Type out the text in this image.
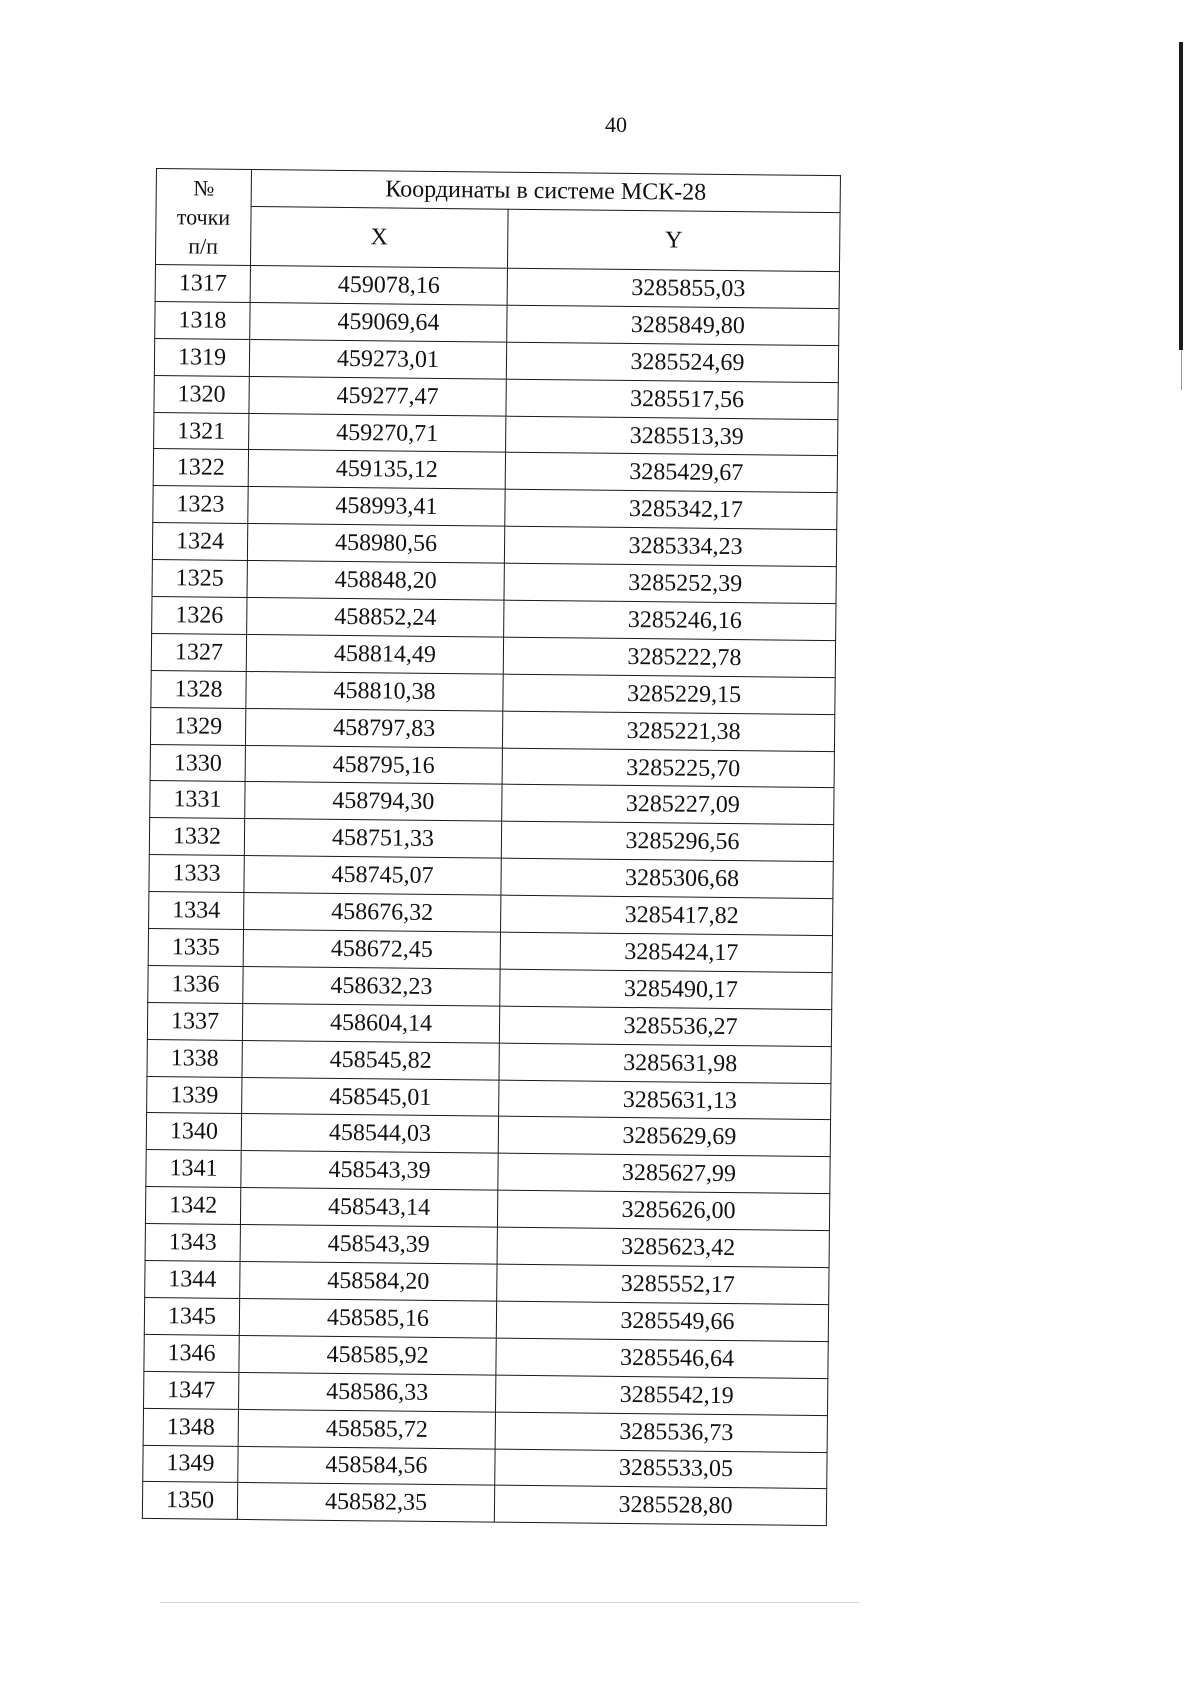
40
№
точки
п/п	Координаты в системе МСК-28	
	X	Y
1317	459078,16	3285855,03
1318	459069,64	3285849,80
1319	459273,01	3285524,69
1320	459277,47	3285517,56
1321	459270,71	3285513,39
1322	459135,12	3285429,67
1323	458993,41	3285342,17
1324	458980,56	3285334,23
1325	458848,20	3285252,39
1326	458852,24	3285246,16
1327	458814,49	3285222,78
1328	458810,38	3285229,15
1329	458797,83	3285221,38
1330	458795,16	3285225,70
1331	458794,30	3285227,09
1332	458751,33	3285296,56
1333	458745,07	3285306,68
1334	458676,32	3285417,82
1335	458672,45	3285424,17
1336	458632,23	3285490,17
1337	458604,14	3285536,27
1338	458545,82	3285631,98
1339	458545,01	3285631,13
1340	458544,03	3285629,69
1341	458543,39	3285627,99
1342	458543,14	3285626,00
1343	458543,39	3285623,42
1344	458584,20	3285552,17
1345	458585,16	3285549,66
1346	458585,92	3285546,64
1347	458586,33	3285542,19
1348	458585,72	3285536,73
1349	458584,56	3285533,05
1350	458582,35	3285528,80
